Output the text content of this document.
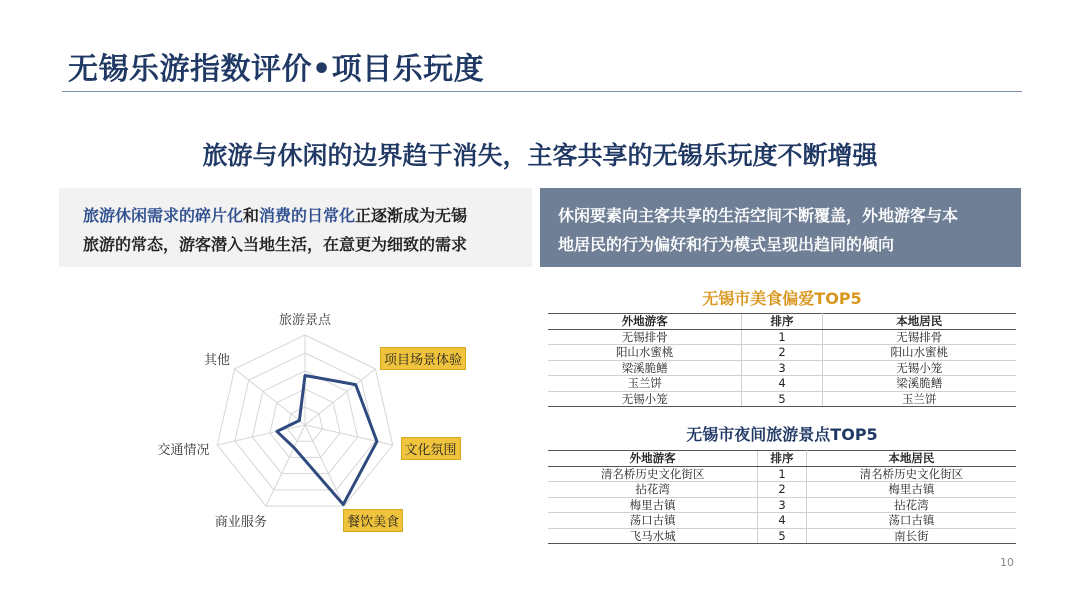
无锡乐游指数评价•项目乐玩度
旅游与休闲的边界趋于消失，主客共享的无锡乐玩度不断增强
旅游休闲需求的碎片化和消费的日常化正逐渐成为无锡
旅游的常态，游客潜入当地生活，在意更为细致的需求
休闲要素向主客共享的生活空间不断覆盖，外地游客与本
地居民的行为偏好和行为模式呈现出趋同的倾向
旅游景点
项目场景体验
文化氛围
餐饮美食
商业服务
交通情况
其他
无锡市美食偏爱TOP5
外地游客	排序	本地居民
无锡排骨	1	无锡排骨
阳山水蜜桃	2	阳山水蜜桃
梁溪脆鳝	3	无锡小笼
玉兰饼	4	梁溪脆鳝
无锡小笼	5	玉兰饼
无锡市夜间旅游景点TOP5
外地游客	排序	本地居民
清名桥历史文化街区	1	清名桥历史文化街区
拈花湾	2	梅里古镇
梅里古镇	3	拈花湾
荡口古镇	4	荡口古镇
飞马水城	5	南长街
10
